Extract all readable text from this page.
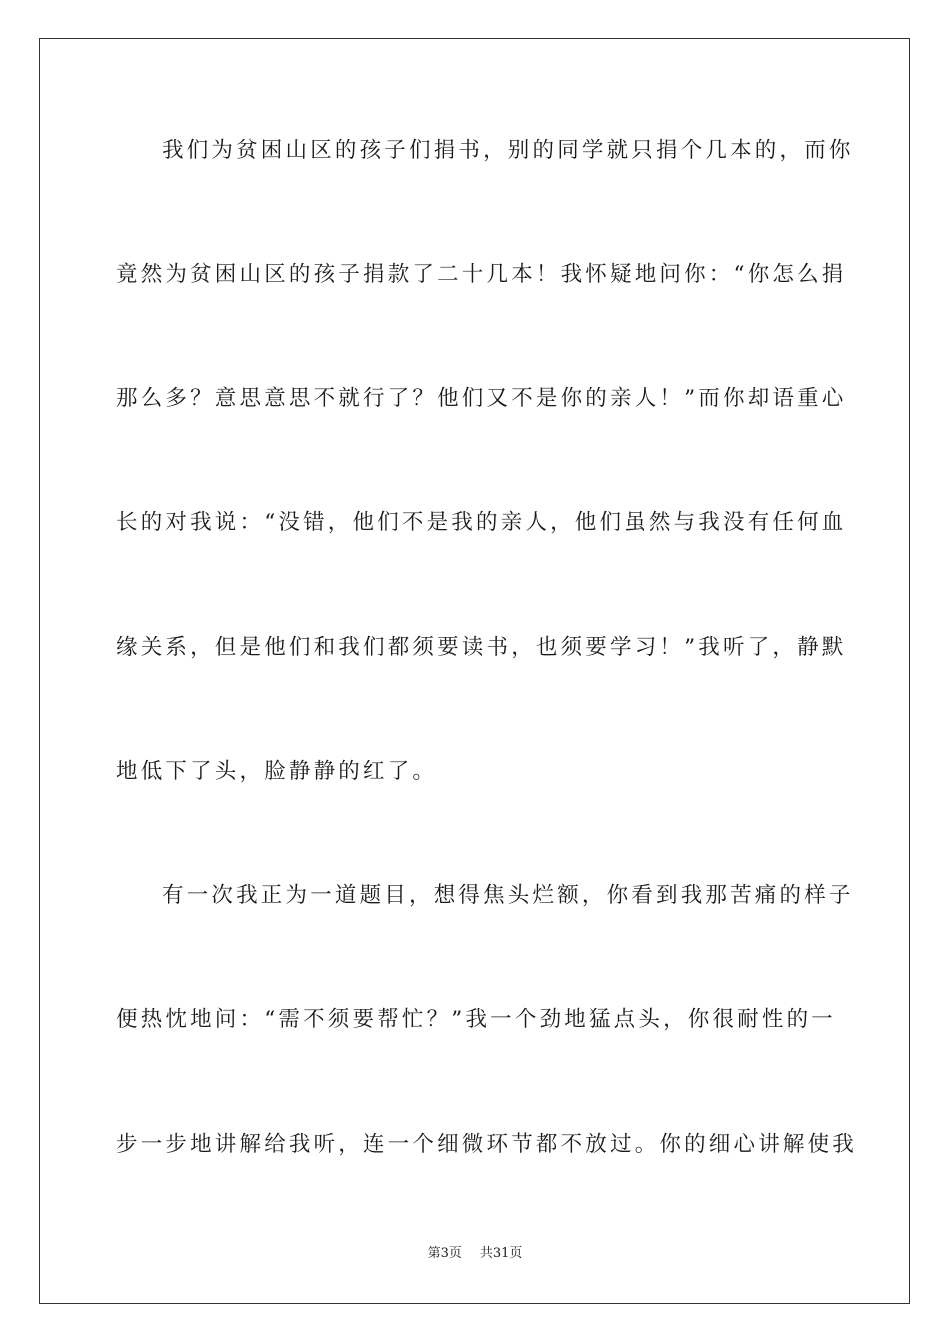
我们为贫困山区的孩子们捐书，别的同学就只捐个几本的，而你
竟然为贫困山区的孩子捐款了二十几本！我怀疑地问你：“你怎么捐
那么多？意思意思不就行了？他们又不是你的亲人！”而你却语重心
长的对我说：“没错，他们不是我的亲人，他们虽然与我没有任何血
缘关系，但是他们和我们都须要读书，也须要学习！”我听了，静默
地低下了头，脸静静的红了。
有一次我正为一道题目，想得焦头烂额，你看到我那苦痛的样子
便热忱地问：“需不须要帮忙？”我一个劲地猛点头，你很耐性的一
步一步地讲解给我听，连一个细微环节都不放过。你的细心讲解使我
第3页 共31页
